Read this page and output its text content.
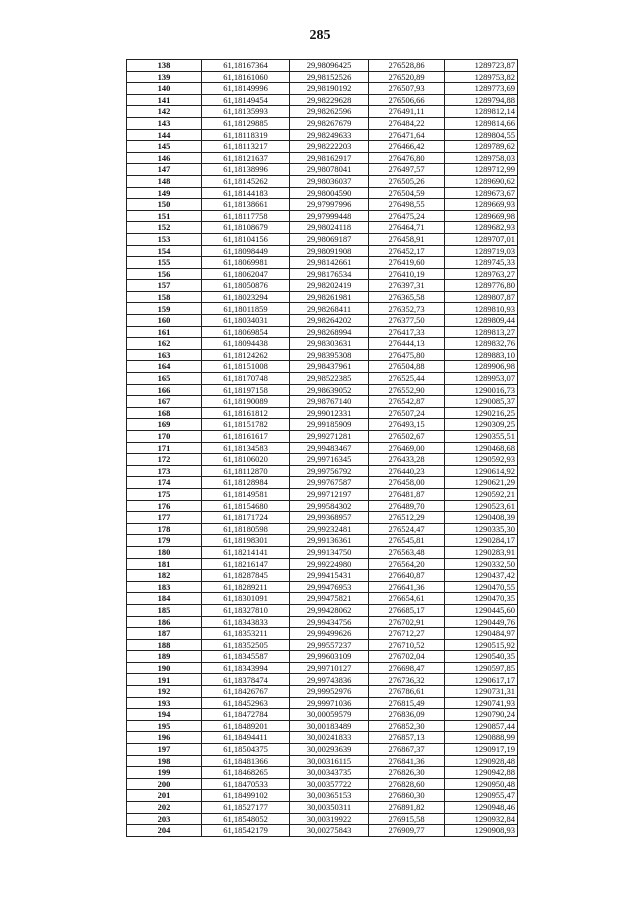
285
138	61,18167364	29,98096425	276528,86	1289723,87
139	61,18161060	29,98152526	276520,89	1289753,82
140	61,18149996	29,98190192	276507,93	1289773,69
141	61,18149454	29,98229628	276506,66	1289794,88
142	61,18135993	29,98262596	276491,11	1289812,14
143	61,18129885	29,98267679	276484,22	1289814,66
144	61,18118319	29,98249633	276471,64	1289804,55
145	61,18113217	29,98222203	276466,42	1289789,62
146	61,18121637	29,98162917	276476,80	1289758,03
147	61,18138996	29,98078041	276497,57	1289712,99
148	61,18145262	29,98036037	276505,26	1289690,62
149	61,18144183	29,98004590	276504,59	1289673,67
150	61,18138661	29,97997996	276498,55	1289669,93
151	61,18117758	29,97999448	276475,24	1289669,98
152	61,18108679	29,98024118	276464,71	1289682,93
153	61,18104156	29,98069187	276458,91	1289707,01
154	61,18098449	29,98091908	276452,17	1289719,03
155	61,18069981	29,98142661	276419,60	1289745,33
156	61,18062047	29,98176534	276410,19	1289763,27
157	61,18050876	29,98202419	276397,31	1289776,80
158	61,18023294	29,98261981	276365,58	1289807,87
159	61,18011859	29,98268411	276352,73	1289810,93
160	61,18034031	29,98264202	276377,50	1289809,44
161	61,18069854	29,98268994	276417,33	1289813,27
162	61,18094438	29,98303631	276444,13	1289832,76
163	61,18124262	29,98395308	276475,80	1289883,10
164	61,18151008	29,98437961	276504,88	1289906,98
165	61,18170748	29,98522385	276525,44	1289953,07
166	61,18197158	29,98639052	276552,90	1290016,73
167	61,18190089	29,98767140	276542,87	1290085,37
168	61,18161812	29,99012331	276507,24	1290216,25
169	61,18151782	29,99185909	276493,15	1290309,25
170	61,18161617	29,99271281	276502,67	1290355,51
171	61,18134583	29,99483467	276469,00	1290468,68
172	61,18106020	29,99716345	276433,28	1290592,93
173	61,18112870	29,99756792	276440,23	1290614,92
174	61,18128984	29,99767587	276458,00	1290621,29
175	61,18149581	29,99712197	276481,87	1290592,21
176	61,18154680	29,99584302	276489,70	1290523,61
177	61,18171724	29,99368957	276512,29	1290408,39
178	61,18180598	29,99232481	276524,47	1290335,30
179	61,18198301	29,99136361	276545,81	1290284,17
180	61,18214141	29,99134750	276563,48	1290283,91
181	61,18216147	29,99224980	276564,20	1290332,50
182	61,18287845	29,99415431	276640,87	1290437,42
183	61,18289211	29,99476953	276641,36	1290470,55
184	61,18301091	29,99475821	276654,61	1290470,35
185	61,18327810	29,99428062	276685,17	1290445,60
186	61,18343833	29,99434756	276702,91	1290449,76
187	61,18353211	29,99499626	276712,27	1290484,97
188	61,18352505	29,99557237	276710,52	1290515,92
189	61,18345587	29,99603109	276702,04	1290540,35
190	61,18343994	29,99710127	276698,47	1290597,85
191	61,18378474	29,99743836	276736,32	1290617,17
192	61,18426767	29,99952976	276786,61	1290731,31
193	61,18452963	29,99971036	276815,49	1290741,93
194	61,18472784	30,00059579	276836,09	1290790,24
195	61,18489201	30,00183489	276852,30	1290857,44
196	61,18494411	30,00241833	276857,13	1290888,99
197	61,18504375	30,00293639	276867,37	1290917,19
198	61,18481366	30,00316115	276841,36	1290928,48
199	61,18468265	30,00343735	276826,30	1290942,88
200	61,18470533	30,00357722	276828,60	1290950,48
201	61,18499102	30,00365153	276860,30	1290955,47
202	61,18527177	30,00350311	276891,82	1290948,46
203	61,18548052	30,00319922	276915,58	1290932,84
204	61,18542179	30,00275843	276909,77	1290908,93
